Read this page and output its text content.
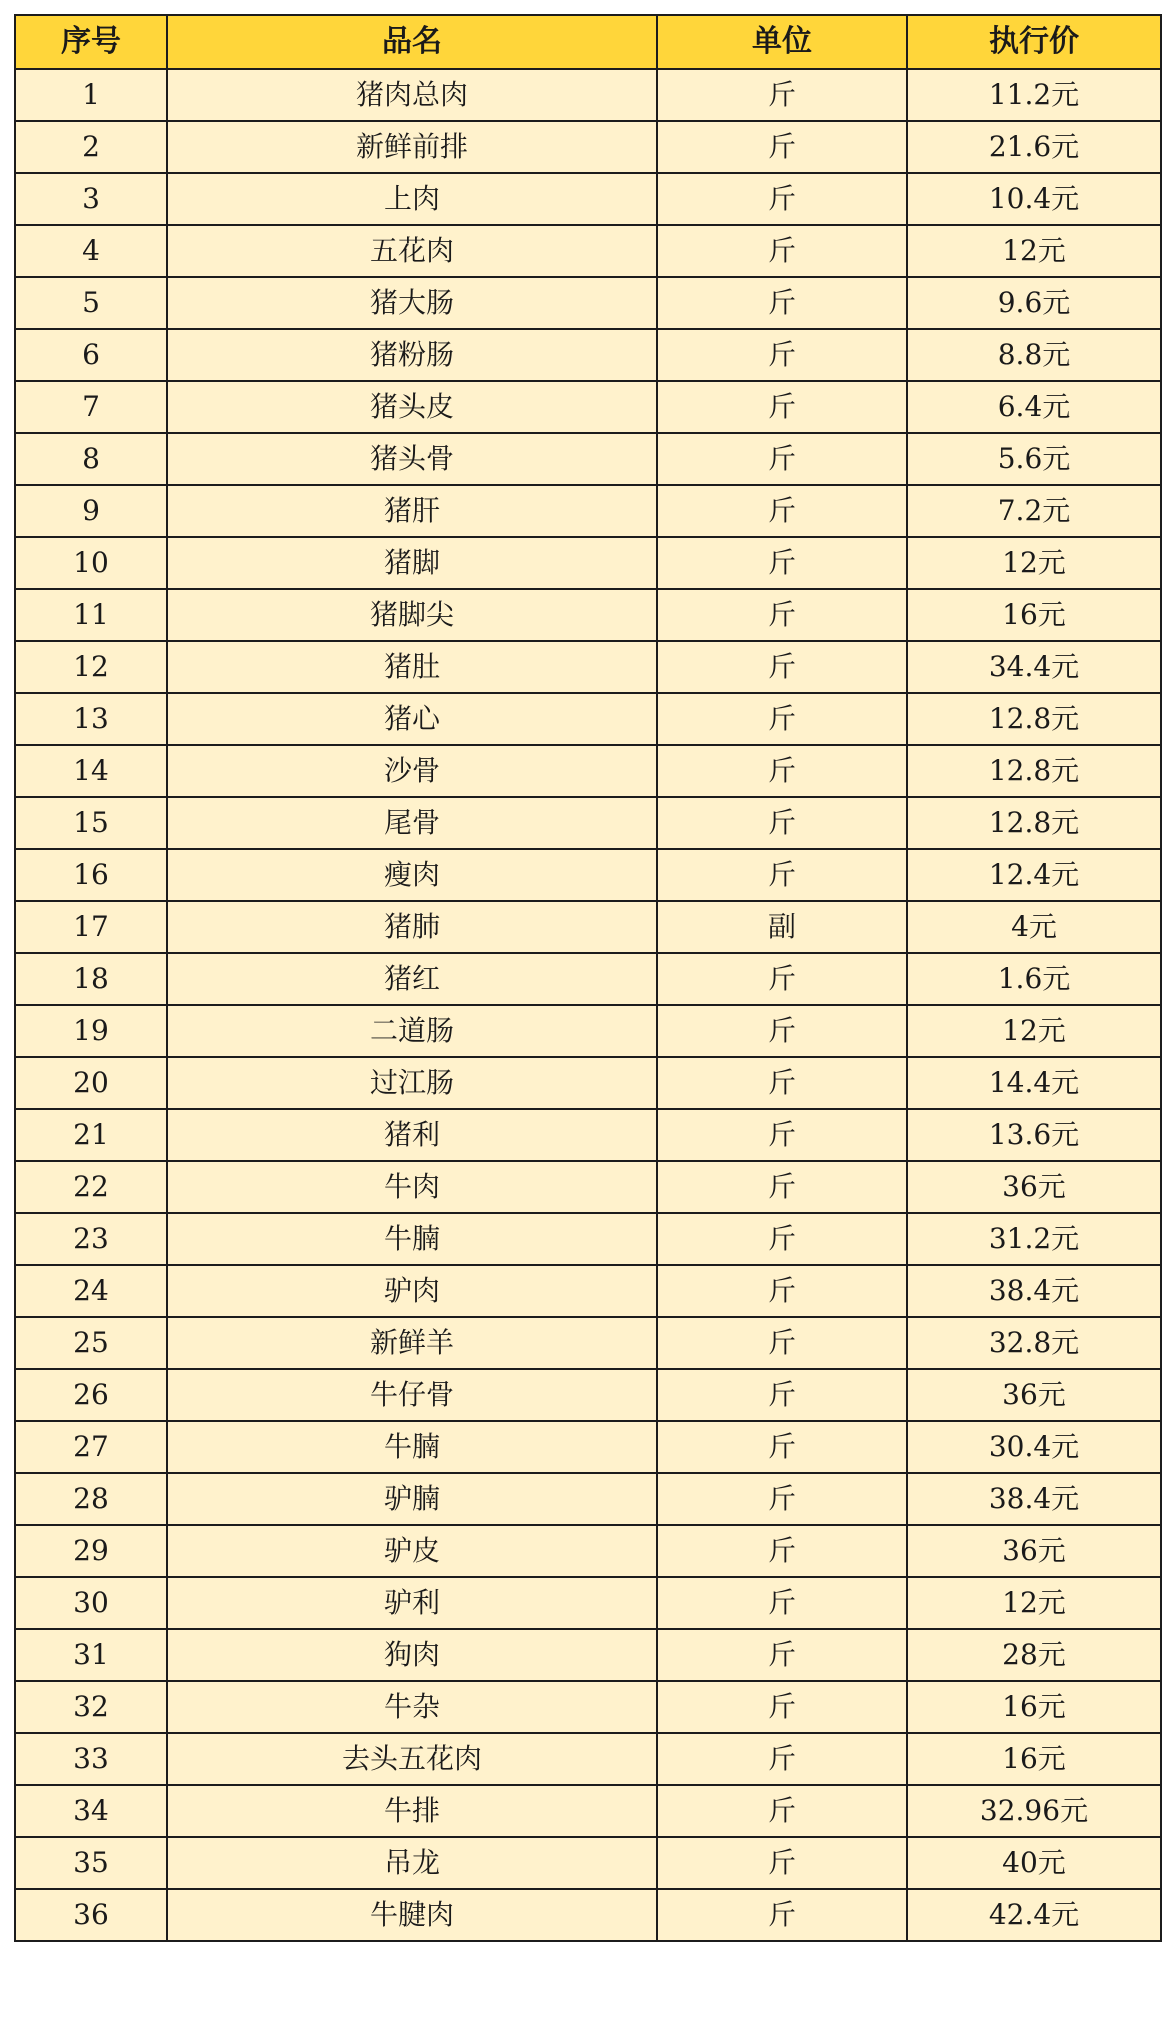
序号	品名	单位	执行价
1	猪肉总肉	斤	11.2元
2	新鲜前排	斤	21.6元
3	上肉	斤	10.4元
4	五花肉	斤	12元
5	猪大肠	斤	9.6元
6	猪粉肠	斤	8.8元
7	猪头皮	斤	6.4元
8	猪头骨	斤	5.6元
9	猪肝	斤	7.2元
10	猪脚	斤	12元
11	猪脚尖	斤	16元
12	猪肚	斤	34.4元
13	猪心	斤	12.8元
14	沙骨	斤	12.8元
15	尾骨	斤	12.8元
16	瘦肉	斤	12.4元
17	猪肺	副	4元
18	猪红	斤	1.6元
19	二道肠	斤	12元
20	过江肠	斤	14.4元
21	猪利	斤	13.6元
22	牛肉	斤	36元
23	牛腩	斤	31.2元
24	驴肉	斤	38.4元
25	新鲜羊	斤	32.8元
26	牛仔骨	斤	36元
27	牛腩	斤	30.4元
28	驴腩	斤	38.4元
29	驴皮	斤	36元
30	驴利	斤	12元
31	狗肉	斤	28元
32	牛杂	斤	16元
33	去头五花肉	斤	16元
34	牛排	斤	32.96元
35	吊龙	斤	40元
36	牛腱肉	斤	42.4元
